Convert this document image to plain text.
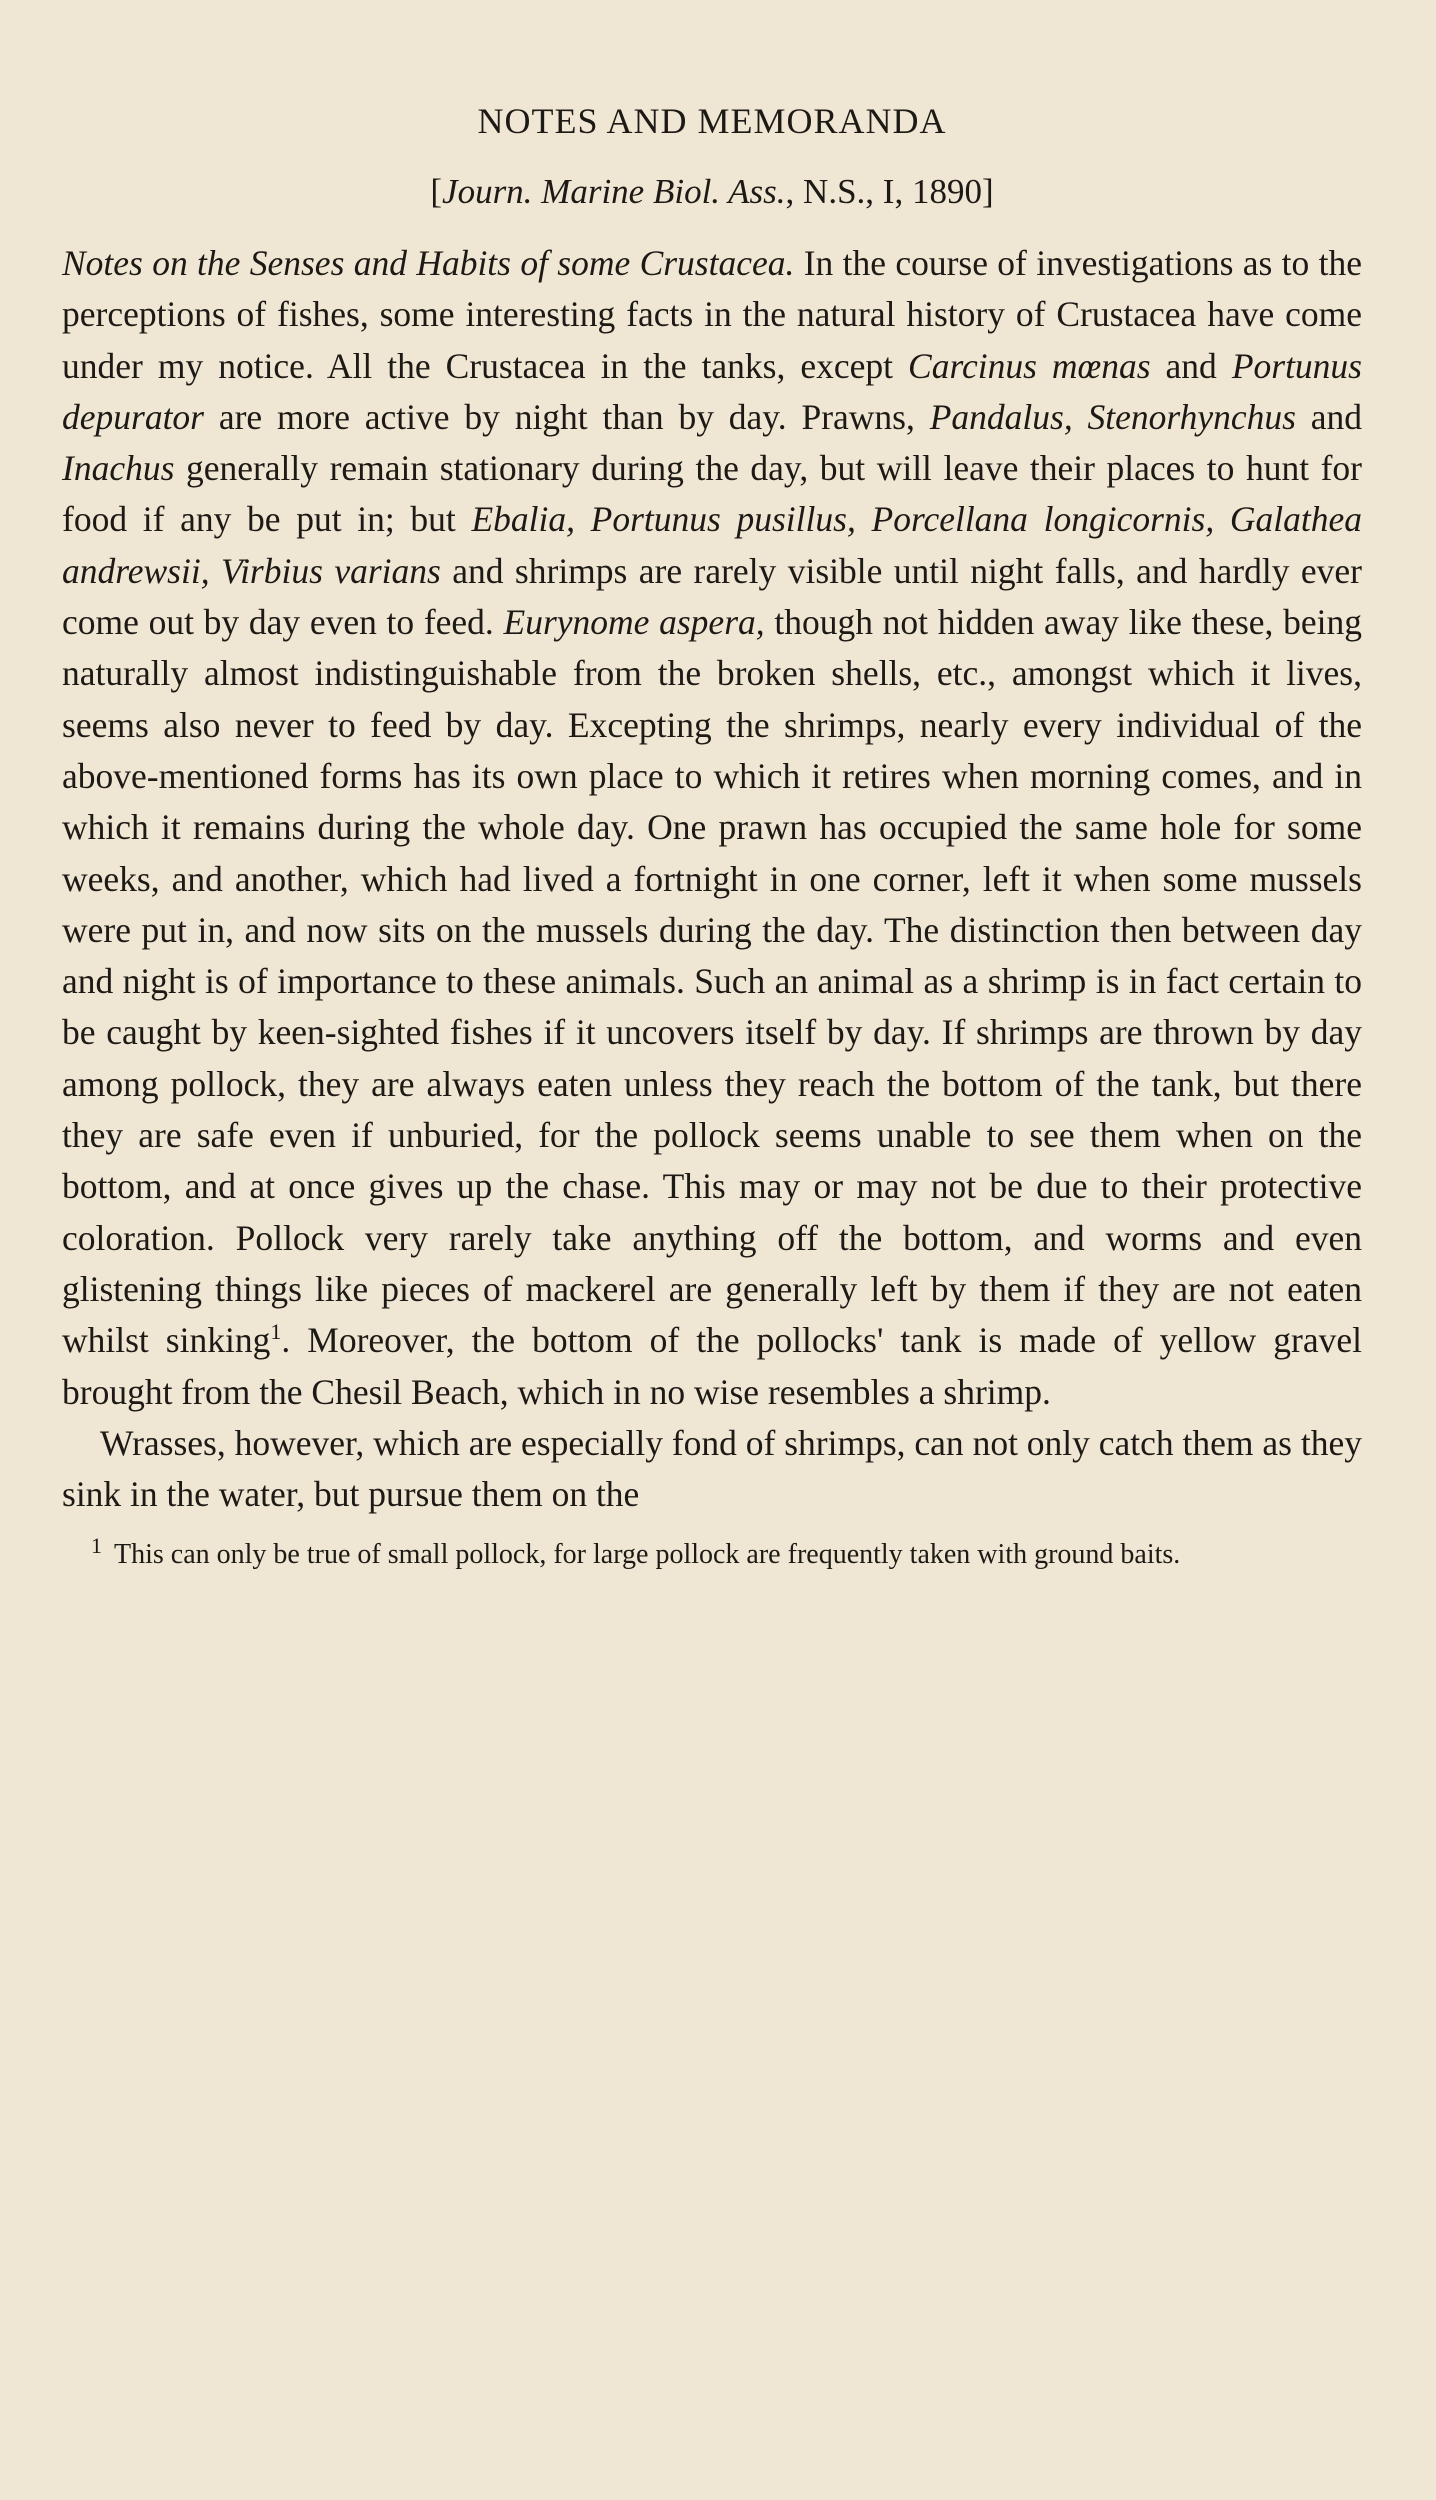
NOTES AND MEMORANDA
[Journ. Marine Biol. Ass., N.S., I, 1890]

Notes on the Senses and Habits of some Crustacea. In the course of investigations as to the perceptions of fishes, some interesting facts in the natural history of Crustacea have come under my notice. All the Crustacea in the tanks, except Carcinus mœnas and Portunus depurator are more active by night than by day. Prawns, Pandalus, Stenorhynchus and Inachus generally remain stationary during the day, but will leave their places to hunt for food if any be put in; but Ebalia, Portunus pusillus, Porcellana longicornis, Galathea andrewsii, Virbius varians and shrimps are rarely visible until night falls, and hardly ever come out by day even to feed. Eurynome aspera, though not hidden away like these, being naturally almost indistinguishable from the broken shells, etc., amongst which it lives, seems also never to feed by day. Excepting the shrimps, nearly every individual of the above-mentioned forms has its own place to which it retires when morning comes, and in which it remains during the whole day. One prawn has occupied the same hole for some weeks, and another, which had lived a fortnight in one corner, left it when some mussels were put in, and now sits on the mussels during the day. The distinction then between day and night is of importance to these animals. Such an animal as a shrimp is in fact certain to be caught by keen-sighted fishes if it uncovers itself by day. If shrimps are thrown by day among pollock, they are always eaten unless they reach the bottom of the tank, but there they are safe even if unburied, for the pollock seems unable to see them when on the bottom, and at once gives up the chase. This may or may not be due to their protective coloration. Pollock very rarely take anything off the bottom, and worms and even glistening things like pieces of mackerel are generally left by them if they are not eaten whilst sinking$^1$. Moreover, the bottom of the pollocks' tank is made of yellow gravel brought from the Chesil Beach, which in no wise resembles a shrimp.

Wrasses, however, which are especially fond of shrimps, can not only catch them as they sink in the water, but pursue them on the

1 This can only be true of small pollock, for large pollock are frequently taken with ground baits.
